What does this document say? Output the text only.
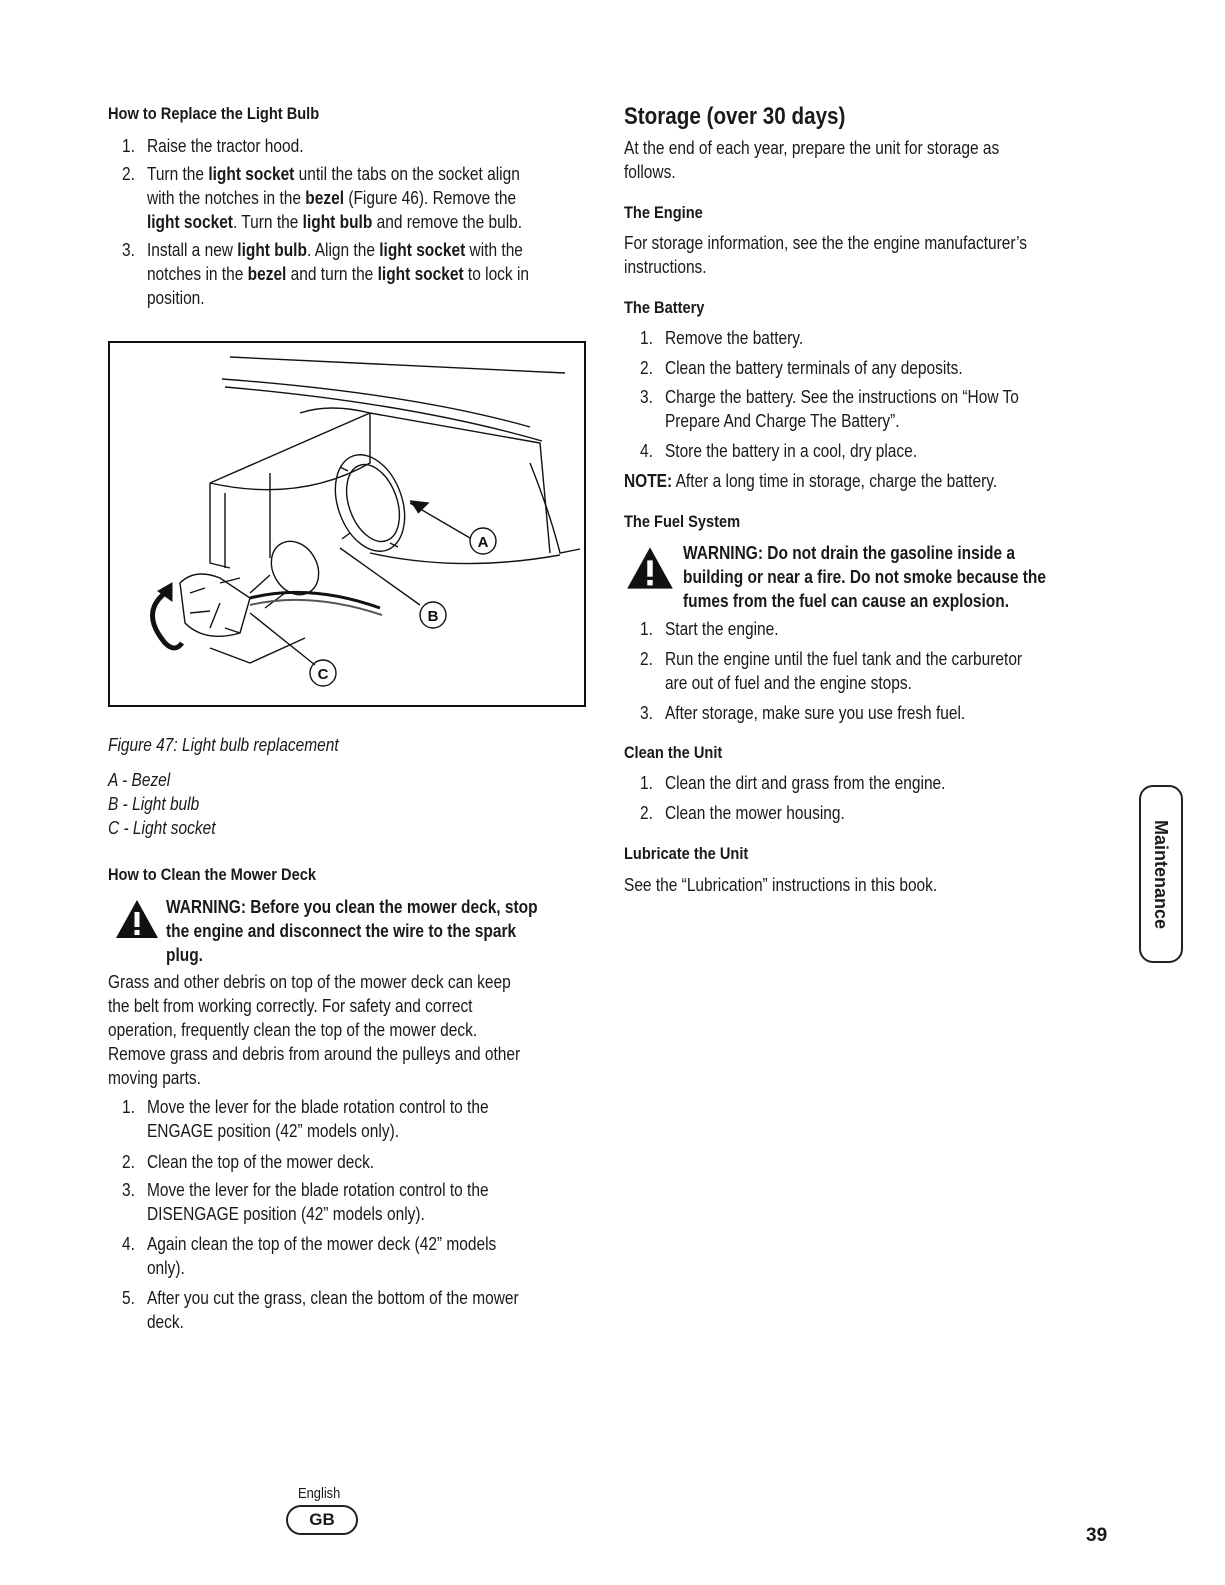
How to Replace the Light Bulb
1. Raise the tractor hood.
2. Turn the light socket until the tabs on the socket align
with the notches in the bezel (Figure 46). Remove the
light socket. Turn the light bulb and remove the bulb.
3. Install a new light bulb. Align the light socket with the
notches in the bezel and turn the light socket to lock in
position.
A
B
C
Figure 47: Light bulb replacement
A - Bezel
B - Light bulb
C - Light socket
How to Clean the Mower Deck
WARNING: Before you clean the mower deck, stop
the engine and disconnect the wire to the spark
plug.
Grass and other debris on top of the mower deck can keep
the belt from working correctly. For safety and correct
operation, frequently clean the top of the mower deck.
Remove grass and debris from around the pulleys and other
moving parts.
1. Move the lever for the blade rotation control to the
ENGAGE position (42” models only).
2. Clean the top of the mower deck.
3. Move the lever for the blade rotation control to the
DISENGAGE position (42” models only).
4. Again clean the top of the mower deck (42” models
only).
5. After you cut the grass, clean the bottom of the mower
deck.
Storage (over 30 days)
At the end of each year, prepare the unit for storage as
follows.
The Engine
For storage information, see the the engine manufacturer’s
instructions.
The Battery
1. Remove the battery.
2. Clean the battery terminals of any deposits.
3. Charge the battery. See the instructions on “How To
Prepare And Charge The Battery”.
4. Store the battery in a cool, dry place.
NOTE: After a long time in storage, charge the battery.
The Fuel System
WARNING: Do not drain the gasoline inside a
building or near a fire. Do not smoke because the
fumes from the fuel can cause an explosion.
1. Start the engine.
2. Run the engine until the fuel tank and the carburetor
are out of fuel and the engine stops.
3. After storage, make sure you use fresh fuel.
Clean the Unit
1. Clean the dirt and grass from the engine.
2. Clean the mower housing.
Lubricate the Unit
See the “Lubrication” instructions in this book.	Maintenance
English
GB
39
